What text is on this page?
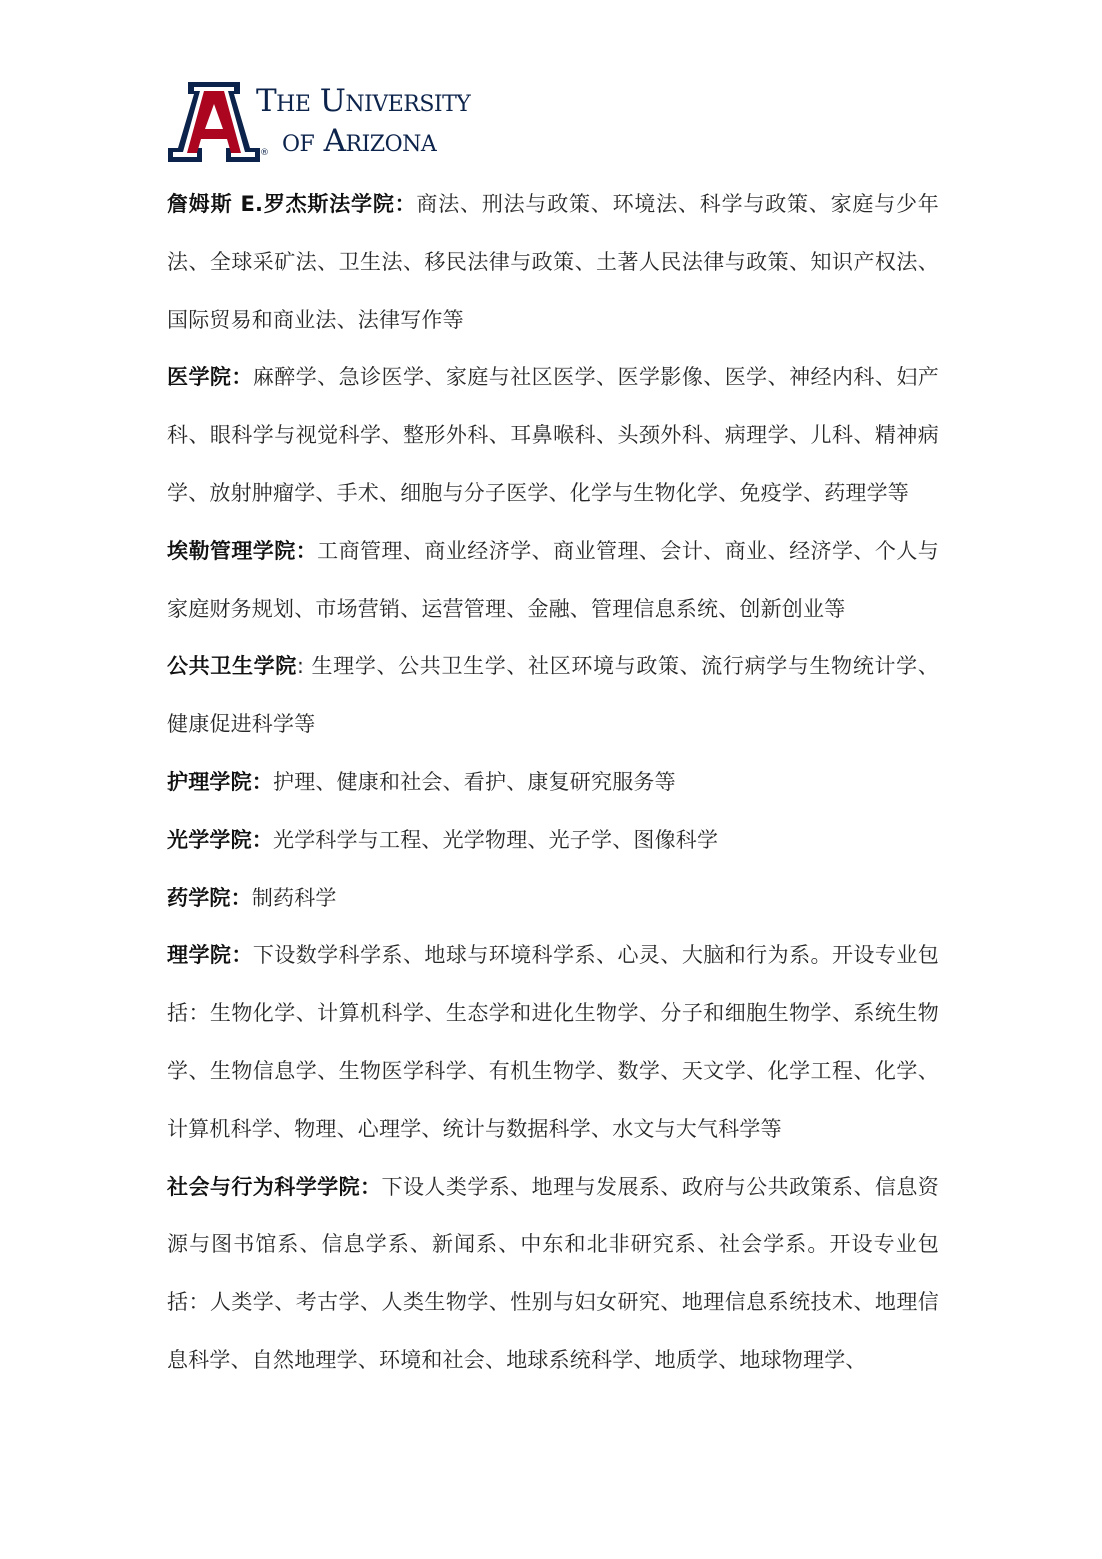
The University
® of Arizona

詹姆斯 E.罗杰斯法学院：商法、刑法与政策、环境法、科学与政策、家庭与少年法、全球采矿法、卫生法、移民法律与政策、土著人民法律与政策、知识产权法、国际贸易和商业法、法律写作等

医学院：麻醉学、急诊医学、家庭与社区医学、医学影像、医学、神经内科、妇产科、眼科学与视觉科学、整形外科、耳鼻喉科、头颈外科、病理学、儿科、精神病学、放射肿瘤学、手术、细胞与分子医学、化学与生物化学、免疫学、药理学等

埃勒管理学院：工商管理、商业经济学、商业管理、会计、商业、经济学、个人与家庭财务规划、市场营销、运营管理、金融、管理信息系统、创新创业等

公共卫生学院: 生理学、公共卫生学、社区环境与政策、流行病学与生物统计学、健康促进科学等

护理学院：护理、健康和社会、看护、康复研究服务等

光学学院：光学科学与工程、光学物理、光子学、图像科学

药学院：制药科学

理学院：下设数学科学系、地球与环境科学系、心灵、大脑和行为系。开设专业包括：生物化学、计算机科学、生态学和进化生物学、分子和细胞生物学、系统生物学、生物信息学、生物医学科学、有机生物学、数学、天文学、化学工程、化学、计算机科学、物理、心理学、统计与数据科学、水文与大气科学等

社会与行为科学学院：下设人类学系、地理与发展系、政府与公共政策系、信息资源与图书馆系、信息学系、新闻系、中东和北非研究系、社会学系。开设专业包括：人类学、考古学、人类生物学、性别与妇女研究、地理信息系统技术、地理信息科学、自然地理学、环境和社会、地球系统科学、地质学、地球物理学、
